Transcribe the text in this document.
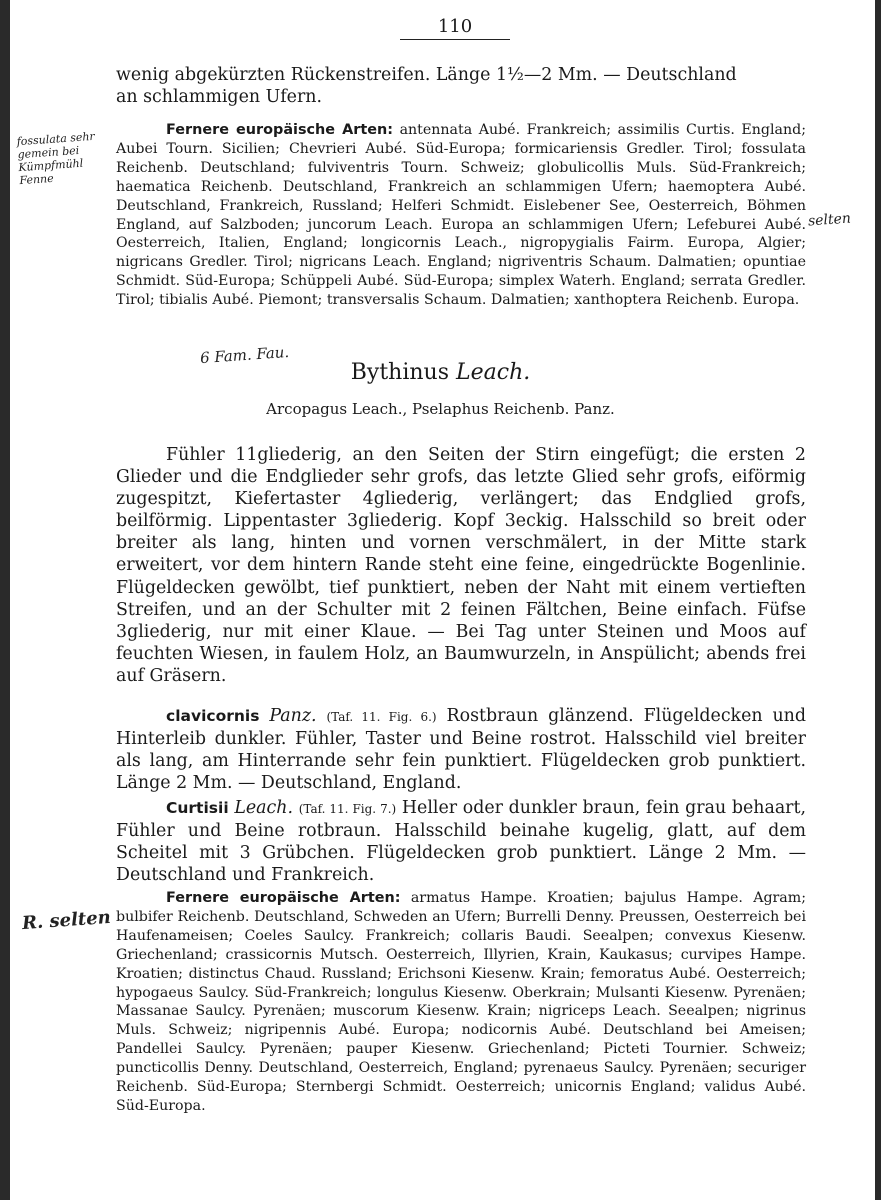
110
wenig abgekürzten Rückenstreifen. Länge 1½—2 Mm. — Deutschland
an schlammigen Ufern.
Fernere europäische Arten: antennata Aubé. Frankreich; assimilis Curtis. England; Aubei Tourn. Sicilien; Chevrieri Aubé. Süd-Europa; formicariensis Gredler. Tirol; fossulata Reichenb. Deutschland; fulviventris Tourn. Schweiz; globulicollis Muls. Süd-Frankreich; haematica Reichenb. Deutschland, Frankreich an schlammigen Ufern; haemoptera Aubé. Deutschland, Frankreich, Russland; Helferi Schmidt. Eislebener See, Oesterreich, Böhmen England, auf Salzboden; juncorum Leach. Europa an schlammigen Ufern; Lefeburei Aubé. Oesterreich, Italien, England; longicornis Leach., nigropygialis Fairm. Europa, Algier; nigricans Gredler. Tirol; nigricans Leach. England; nigriventris Schaum. Dalmatien; opuntiae Schmidt. Süd-Europa; Schüppeli Aubé. Süd-Europa; simplex Waterh. England; serrata Gredler. Tirol; tibialis Aubé. Piemont; transversalis Schaum. Dalmatien; xanthoptera Reichenb. Europa.
fossulata sehr gemein bei Kümpfmühl Fenne
selten
6 Fam. Fau.
Bythinus Leach.
Arcopagus Leach., Pselaphus Reichenb. Panz.
Fühler 11gliederig, an den Seiten der Stirn eingefügt; die ersten 2 Glieder und die Endglieder sehr grofs, das letzte Glied sehr grofs, eiförmig zugespitzt, Kiefertaster 4gliederig, verlängert; das Endglied grofs, beilförmig. Lippentaster 3gliederig. Kopf 3eckig. Halsschild so breit oder breiter als lang, hinten und vornen verschmälert, in der Mitte stark erweitert, vor dem hintern Rande steht eine feine, eingedrückte Bogenlinie. Flügeldecken gewölbt, tief punktiert, neben der Naht mit einem vertieften Streifen, und an der Schulter mit 2 feinen Fältchen, Beine einfach. Füfse 3gliederig, nur mit einer Klaue. — Bei Tag unter Steinen und Moos auf feuchten Wiesen, in faulem Holz, an Baumwurzeln, in Anspülicht; abends frei auf Gräsern.
clavicornis Panz. (Taf. 11. Fig. 6.) Rostbraun glänzend. Flügeldecken und Hinterleib dunkler. Fühler, Taster und Beine rostrot. Halsschild viel breiter als lang, am Hinterrande sehr fein punktiert. Flügeldecken grob punktiert. Länge 2 Mm. — Deutschland, England.
Curtisii Leach. (Taf. 11. Fig. 7.) Heller oder dunkler braun, fein grau behaart, Fühler und Beine rotbraun. Halsschild beinahe kugelig, glatt, auf dem Scheitel mit 3 Grübchen. Flügeldecken grob punktiert. Länge 2 Mm. — Deutschland und Frankreich.
Fernere europäische Arten: armatus Hampe. Kroatien; bajulus Hampe. Agram; bulbifer Reichenb. Deutschland, Schweden an Ufern; Burrelli Denny. Preussen, Oesterreich bei Haufenameisen; Coeles Saulcy. Frankreich; collaris Baudi. Seealpen; convexus Kiesenw. Griechenland; crassicornis Mutsch. Oesterreich, Illyrien, Krain, Kaukasus; curvipes Hampe. Kroatien; distinctus Chaud. Russland; Erichsoni Kiesenw. Krain; femoratus Aubé. Oesterreich; hypogaeus Saulcy. Süd-Frankreich; longulus Kiesenw. Oberkrain; Mulsanti Kiesenw. Pyrenäen; Massanae Saulcy. Pyrenäen; muscorum Kiesenw. Krain; nigriceps Leach. Seealpen; nigrinus Muls. Schweiz; nigripennis Aubé. Europa; nodicornis Aubé. Deutschland bei Ameisen; Pandellei Saulcy. Pyrenäen; pauper Kiesenw. Griechenland; Picteti Tournier. Schweiz; puncticollis Denny. Deutschland, Oesterreich, England; pyrenaeus Saulcy. Pyrenäen; securiger Reichenb. Süd-Europa; Sternbergi Schmidt. Oesterreich; unicornis England; validus Aubé. Süd-Europa.
R. selten
